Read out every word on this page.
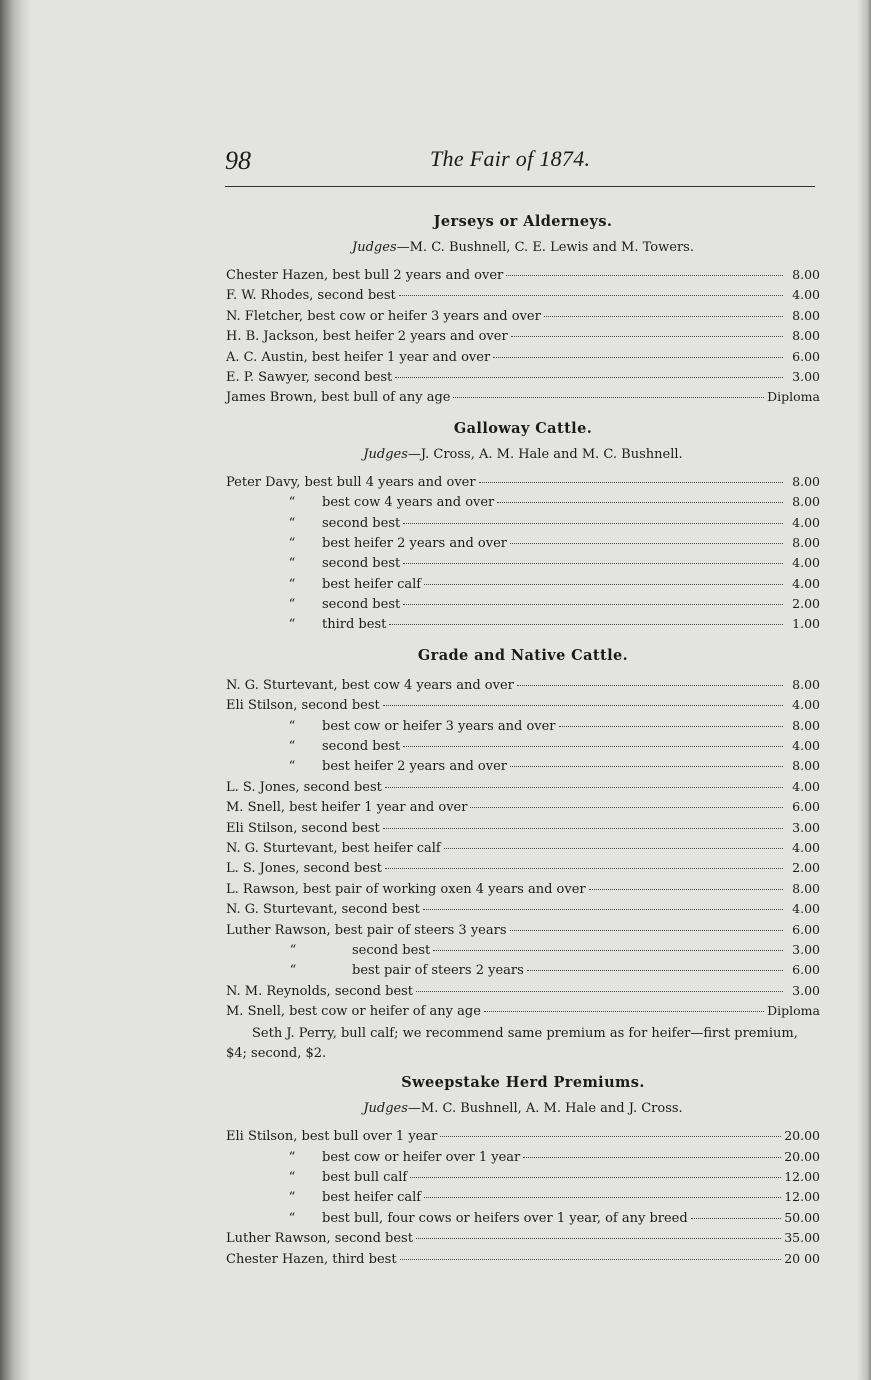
98	The Fair of 1874.
Jerseys or Alderneys.
Judges—M. C. Bushnell, C. E. Lewis and M. Towers.
Chester Hazen, best bull 2 years and over	8.00
F. W. Rhodes, second best	4.00
N. Fletcher, best cow or heifer 3 years and over	8.00
H. B. Jackson, best heifer 2 years and over	8.00
A. C. Austin, best heifer 1 year and over	6.00
E. P. Sawyer, second best	3.00
James Brown, best bull of any age	Diploma
Galloway Cattle.
Judges—J. Cross, A. M. Hale and M. C. Bushnell.
Peter Davy, best bull 4 years and over	8.00
“	best cow 4 years and over	8.00
“	second best	4.00
“	best heifer 2 years and over	8.00
“	second best	4.00
“	best heifer calf	4.00
“	second best	2.00
“	third best	1.00
Grade and Native Cattle.
N. G. Sturtevant, best cow 4 years and over	8.00
Eli Stilson, second best	4.00
“	best cow or heifer 3 years and over	8.00
“	second best	4.00
“	best heifer 2 years and over	8.00
L. S. Jones, second best	4.00
M. Snell, best heifer 1 year and over	6.00
Eli Stilson, second best	3.00
N. G. Sturtevant, best heifer calf	4.00
L. S. Jones, second best	2.00
L. Rawson, best pair of working oxen 4 years and over	8.00
N. G. Sturtevant, second best	4.00
Luther Rawson, best pair of steers 3 years	6.00
“	second best	3.00
“	best pair of steers 2 years	6.00
N. M. Reynolds, second best	3.00
M. Snell, best cow or heifer of any age	Diploma
Seth J. Perry, bull calf; we recommend same premium as for heifer—first premium, $4; second, $2.
Sweepstake Herd Premiums.
Judges—M. C. Bushnell, A. M. Hale and J. Cross.
Eli Stilson, best bull over 1 year	20.00
“	best cow or heifer over 1 year	20.00
“	best bull calf	12.00
“	best heifer calf	12.00
“	best bull, four cows or heifers over 1 year, of any breed	50.00
Luther Rawson, second best	35.00
Chester Hazen, third best	20 00
